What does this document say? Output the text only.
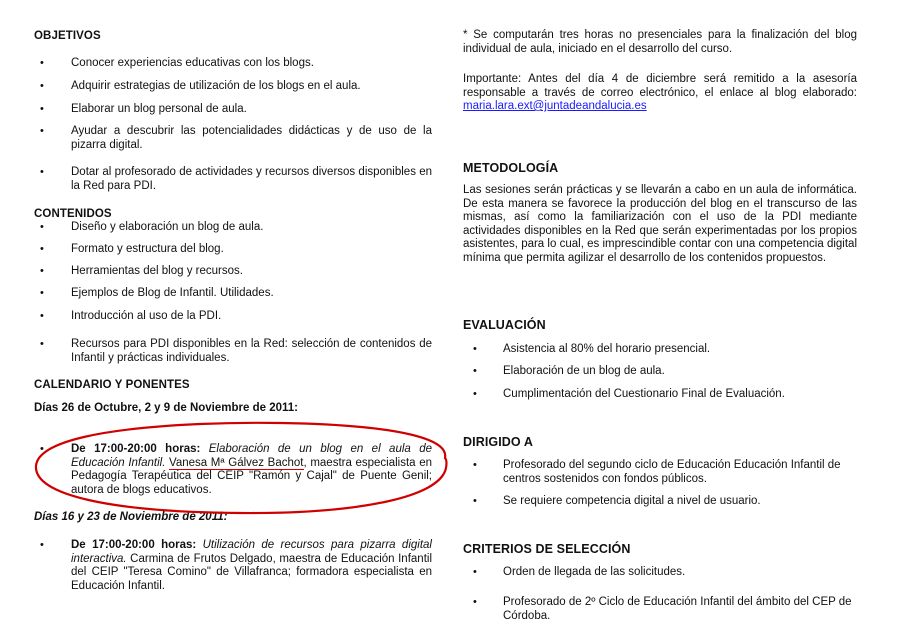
OBJETIVOS
• Conocer experiencias educativas con los blogs.
• Adquirir estrategias de utilización de los blogs en el aula.
• Elaborar un blog personal de aula.
• Ayudar a descubrir las potencialidades didácticas y de uso de la pizarra digital.
• Dotar al profesorado de actividades y recursos diversos disponibles en la Red para PDI.
CONTENIDOS
• Diseño y elaboración un blog de aula.
• Formato y estructura del blog.
• Herramientas del blog y recursos.
• Ejemplos de Blog de Infantil. Utilidades.
• Introducción al uso de la PDI.
• Recursos para PDI disponibles en la Red: selección de contenidos de Infantil y prácticas individuales.
CALENDARIO Y PONENTES
Días 26 de Octubre, 2 y 9 de Noviembre de 2011:
• De 17:00-20:00 horas: Elaboración de un blog en el aula de Educación Infantil. Vanesa Mª Gálvez Bachot, maestra especialista en Pedagogía Terapéutica del CEIP "Ramón y Cajal" de Puente Genil; autora de blogs educativos.
Días 16 y 23 de Noviembre de 2011:
• De 17:00-20:00 horas: Utilización de recursos para pizarra digital interactiva. Carmina de Frutos Delgado, maestra de Educación Infantil del CEIP "Teresa Comino" de Villafranca; formadora especialista en Educación Infantil.

* Se computarán tres horas no presenciales para la finalización del blog individual de aula, iniciado en el desarrollo del curso.

Importante: Antes del día 4 de diciembre será remitido a la asesoría responsable a través de correo electrónico, el enlace al blog elaborado: maria.lara.ext@juntadeandalucia.es

METODOLOGÍA

Las sesiones serán prácticas y se llevarán a cabo en un aula de informática. De esta manera se favorece la producción del blog en el transcurso de las mismas, así como la familiarización con el uso de la PDI mediante actividades disponibles en la Red que serán experimentadas por los propios asistentes, para lo cual, es imprescindible contar con una competencia digital mínima que permita agilizar el desarrollo de los contenidos propuestos.

EVALUACIÓN
• Asistencia al 80% del horario presencial.
• Elaboración de un blog de aula.
• Cumplimentación del Cuestionario Final de Evaluación.
DIRIGIDO A
• Profesorado del segundo ciclo de Educación Educación Infantil de centros sostenidos con fondos públicos.
• Se requiere competencia digital a nivel de usuario.
CRITERIOS DE SELECCIÓN
• Orden de llegada de las solicitudes.
• Profesorado de 2º Ciclo de Educación Infantil del ámbito del CEP de Córdoba.
